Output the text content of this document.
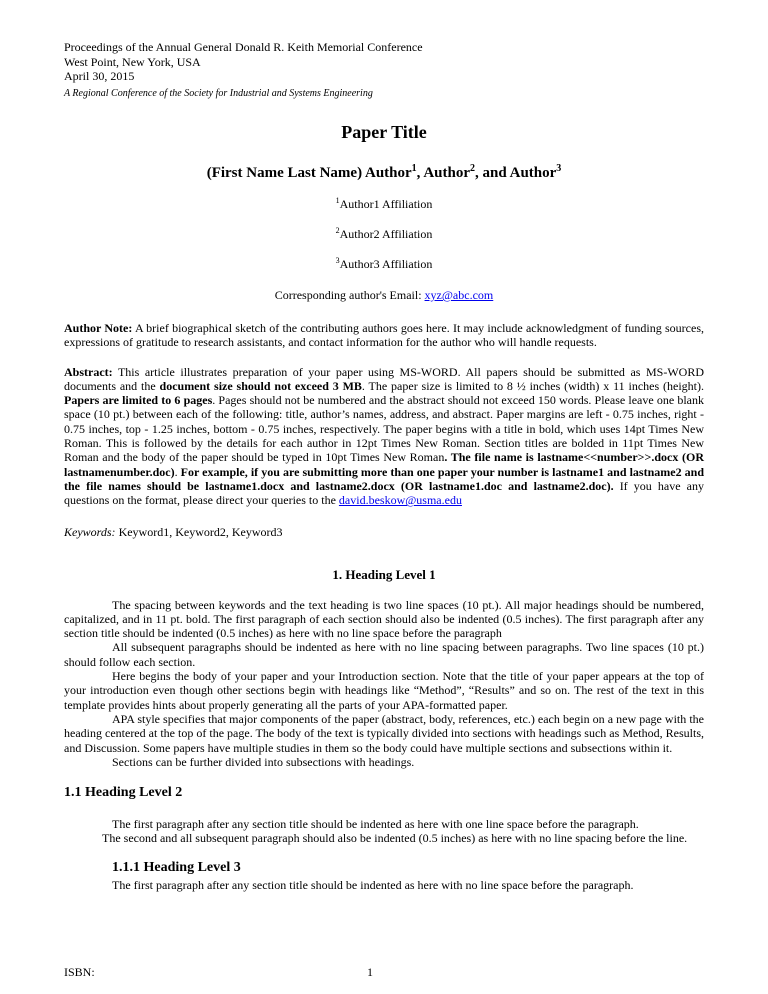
Proceedings of the Annual General Donald R. Keith Memorial Conference
West Point, New York, USA
April 30, 2015
A Regional Conference of the Society for Industrial and Systems Engineering
Paper Title
(First Name Last Name) Author$^1$, Author$^2$, and Author$^3$
$^1$Author1 Affiliation
$^2$Author2 Affiliation
$^3$Author3 Affiliation
Corresponding author's Email: xyz@abc.com
Author Note: A brief biographical sketch of the contributing authors goes here. It may include acknowledgment of funding sources, expressions of gratitude to research assistants, and contact information for the author who will handle requests.
Abstract: This article illustrates preparation of your paper using MS-WORD. All papers should be submitted as MS-WORD documents and the document size should not exceed 3 MB. The paper size is limited to 8 ½ inches (width) x 11 inches (height). Papers are limited to 6 pages. Pages should not be numbered and the abstract should not exceed 150 words. Please leave one blank space (10 pt.) between each of the following: title, author’s names, address, and abstract. Paper margins are left - 0.75 inches, right - 0.75 inches, top - 1.25 inches, bottom - 0.75 inches, respectively. The paper begins with a title in bold, which uses 14pt Times New Roman. This is followed by the details for each author in 12pt Times New Roman. Section titles are bolded in 11pt Times New Roman and the body of the paper should be typed in 10pt Times New Roman. The file name is lastname<<number>>.docx (OR lastnamenumber.doc). For example, if you are submitting more than one paper your number is lastname1 and lastname2 and the file names should be lastname1.docx and lastname2.docx (OR lastname1.doc and lastname2.doc). If you have any questions on the format, please direct your queries to the david.beskow@usma.edu
Keywords: Keyword1, Keyword2, Keyword3
1. Heading Level 1
The spacing between keywords and the text heading is two line spaces (10 pt.). All major headings should be numbered, capitalized, and in 11 pt. bold. The first paragraph of each section should also be indented (0.5 inches). The first paragraph after any section title should be indented (0.5 inches) as here with no line space before the paragraph
All subsequent paragraphs should be indented as here with no line spacing between paragraphs. Two line spaces (10 pt.) should follow each section.
Here begins the body of your paper and your Introduction section. Note that the title of your paper appears at the top of your introduction even though other sections begin with headings like “Method”, “Results” and so on. The rest of the text in this template provides hints about properly generating all the parts of your APA-formatted paper.
APA style specifies that major components of the paper (abstract, body, references, etc.) each begin on a new page with the heading centered at the top of the page. The body of the text is typically divided into sections with headings such as Method, Results, and Discussion. Some papers have multiple studies in them so the body could have multiple sections and subsections within it.
Sections can be further divided into subsections with headings.
1.1 Heading Level 2
The first paragraph after any section title should be indented as here with one line space before the paragraph.
The second and all subsequent paragraph should also be indented (0.5 inches) as here with no line spacing before the line.
1.1.1 Heading Level 3
The first paragraph after any section title should be indented as here with no line space before the paragraph.
ISBN:	1
